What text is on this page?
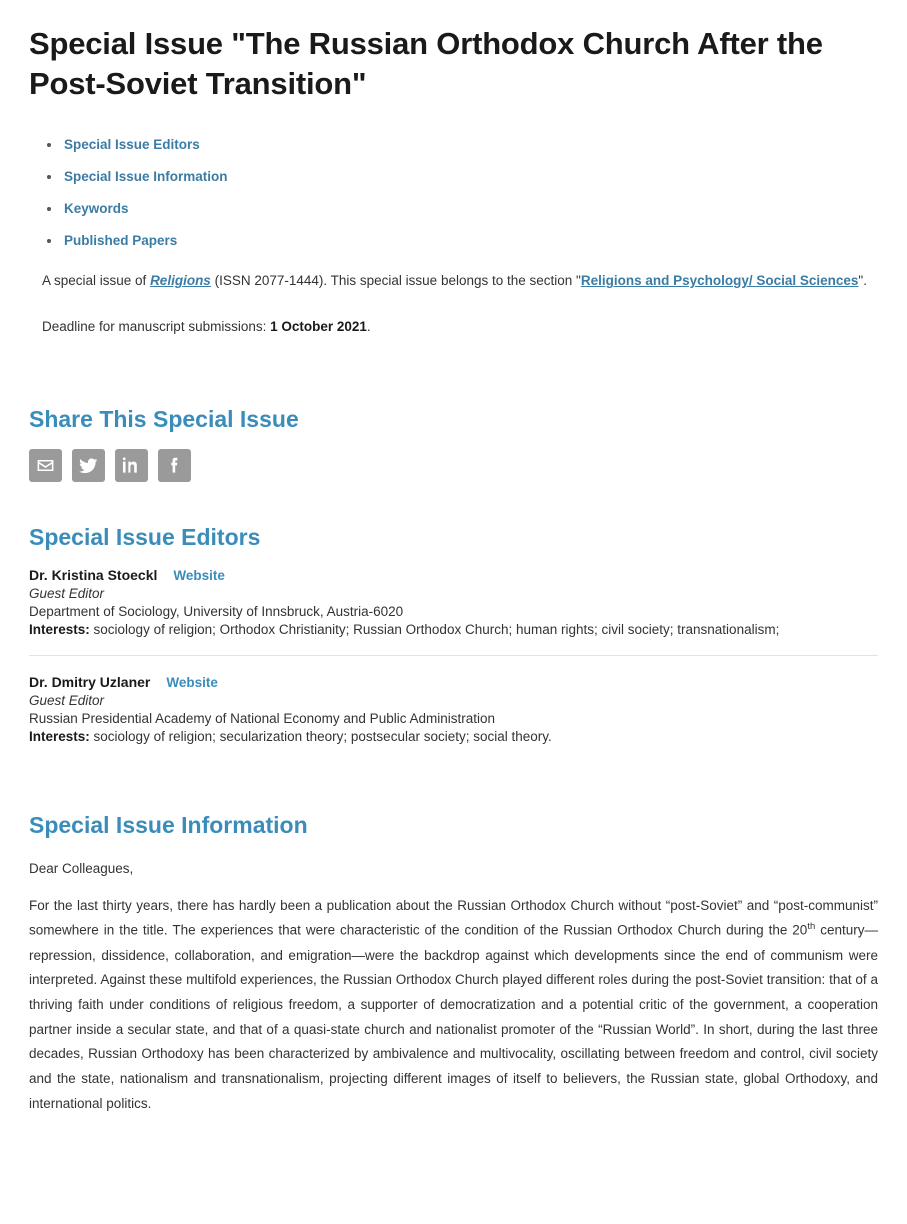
Special Issue "The Russian Orthodox Church After the Post-Soviet Transition"
Special Issue Editors
Special Issue Information
Keywords
Published Papers

A special issue of Religions (ISSN 2077-1444). This special issue belongs to the section "Religions and Psychology/ Social Sciences".

Deadline for manuscript submissions: 1 October 2021.

Share This Special Issue
Special Issue Editors
Dr. Kristina Stoeckl Website
Guest Editor
Department of Sociology, University of Innsbruck, Austria-6020
Interests: sociology of religion; Orthodox Christianity; Russian Orthodox Church; human rights; civil society; transnationalism;
Dr. Dmitry Uzlaner Website
Guest Editor
Russian Presidential Academy of National Economy and Public Administration
Interests: sociology of religion; secularization theory; postsecular society; social theory.
Special Issue Information
Dear Colleagues,

For the last thirty years, there has hardly been a publication about the Russian Orthodox Church without “post-Soviet” and “post-communist” somewhere in the title. The experiences that were characteristic of the condition of the Russian Orthodox Church during the 20th century—repression, dissidence, collaboration, and emigration—were the backdrop against which developments since the end of communism were interpreted. Against these multifold experiences, the Russian Orthodox Church played different roles during the post-Soviet transition: that of a thriving faith under conditions of religious freedom, a supporter of democratization and a potential critic of the government, a cooperation partner inside a secular state, and that of a quasi-state church and nationalist promoter of the “Russian World”. In short, during the last three decades, Russian Orthodoxy has been characterized by ambivalence and multivocality, oscillating between freedom and control, civil society and the state, nationalism and transnationalism, projecting different images of itself to believers, the Russian state, global Orthodoxy, and international politics.
